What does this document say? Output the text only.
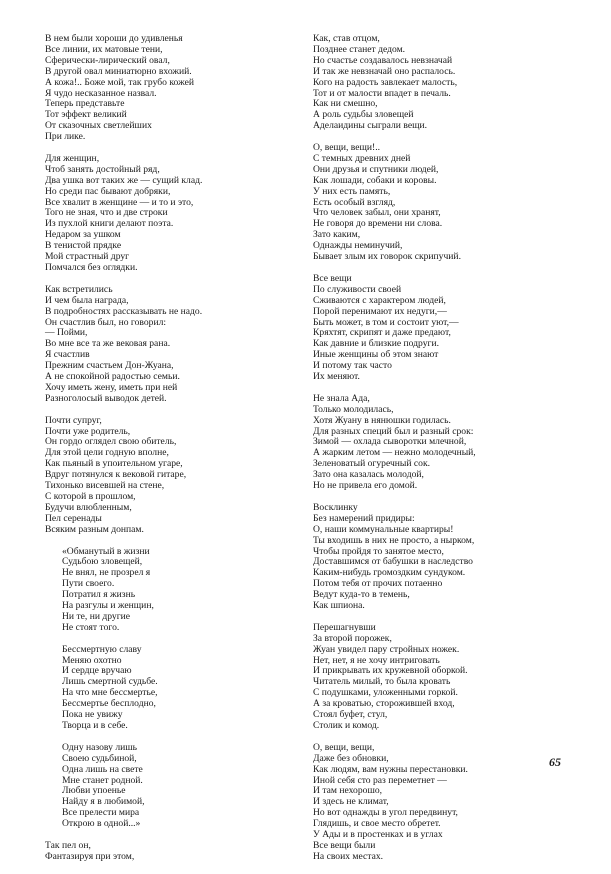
В нем были хороши до удивленья
Все линии, их матовые тени,
Сферически-лирический овал,
В другой овал миниатюрно вхожий.
А кожа!.. Боже мой, так грубо кожей
Я чудо несказанное назвал.
Теперь представьте
Тот эффект великий
От сказочных светлейших
При лике.
Для женщин,
Чтоб занять достойный ряд,
Два ушка вот таких же — сущий клад.
Но среди пас бывают добряки,
Все хвалит в женщине — и то и это,
Того не зная, что и две строки
Из пухлой книги делают поэта.
Недаром за ушком
В тенистой прядке
Мой страстный друг
Помчался без оглядки.
Как встретились
И чем была награда,
В подробностях рассказывать не надо.
Он счастлив был, но говорил:
— Пойми,
Во мне все та же вековая рана.
Я счастлив
Прежним счастьем Дон-Жуана,
А не спокойной радостью семьи.
Хочу иметь жену, иметь при ней
Разноголосый выводок детей.
Почти супруг,
Почти уже родитель,
Он гордо оглядел свою обитель,
Для этой цели годную вполне,
Как пьяный в упоительном угаре,
Вдруг потянулся к вековой гитаре,
Тихонько висевшей на стене,
С которой в прошлом,
Будучи влюбленным,
Пел серенады
Всяким разным донпам.
«Обманутый в жизни
Судьбою зловещей,
Не внял, не прозрел я
Пути своего.
Потратил я жизнь
На разгулы и женщин,
Ни те, ни другие
Не стоят того.
Бессмертную славу
Меняю охотно
И сердце вручаю
Лишь смертной судьбе.
На что мне бессмертье,
Бессмертье бесплодно,
Пока не увижу
Творца и в себе.
Одну назову лишь
Своею судьбиной,
Одна лишь на свете
Мне станет родной.
Любви упоенье
Найду я в любимой,
Все прелести мира
Открою в одной...»
Так пел он,
Фантазируя при этом,
Как, став отцом,
Позднее станет дедом.
Но счастье создавалось невзначай
И так же невзначай оно распалось.
Кого на радость завлекает малость,
Тот и от малости впадет в печаль.
Как ни смешно,
А роль судьбы зловещей
Аделаидины сыграли вещи.
О, вещи, вещи!..
С темных древних дней
Они друзья и спутники людей,
Как лошади, собаки и коровы.
У них есть память,
Есть особый взгляд,
Что человек забыл, они хранят,
Не говоря до времени ни слова.
Зато каким,
Однажды неминучий,
Бывает злым их говорок скрипучий.
Все вещи
По служивости своей
Сживаются с характером людей,
Порой перенимают их недуги,—
Быть может, в том и состоит уют,—
Кряхтят, скрипят и даже предают,
Как давние и близкие подруги.
Иные женщины об этом знают
И потому так часто
Их меняют.
Не знала Ада,
Только молодилась,
Хотя Жуану в нянюшки годилась.
Для разных специй был и разный срок:
Зимой — охлада сыворотки млечной,
А жарким летом — нежно молодечный,
Зеленоватый огуречный сок.
Зато она казалась молодой,
Но не привела его домой.
Восклинку
Без намерений придиры:
О, наши коммунальные квартиры!
Ты входишь в них не просто, а нырком,
Чтобы пройдя то занятое место,
Доставшимся от бабушки в наследство
Каким-нибудь громоздким сундуком.
Потом тебя от прочих потаенно
Ведут куда-то в темень,
Как шпиона.
Перешагнувши
За второй порожек,
Жуан увидел пару стройных ножек.
Нет, нет, я не хочу интриговать
И прикрывать их кружевной оборкой.
Читатель милый, то была кровать
С подушками, уложенными горкой.
А за кроватью, сторожившей вход,
Стоял буфет, стул,
Столик и комод.
О, вещи, вещи,
Даже без обновки,
Как людям, вам нужны перестановки.
Иной себя сто раз переметнет —
И там нехорошо,
И здесь не климат,
Но вот однажды в угол передвинут,
Глядишь, и свое место обретет.
У Ады и в простенках и в углах
Все вещи были
На своих местах.
65
